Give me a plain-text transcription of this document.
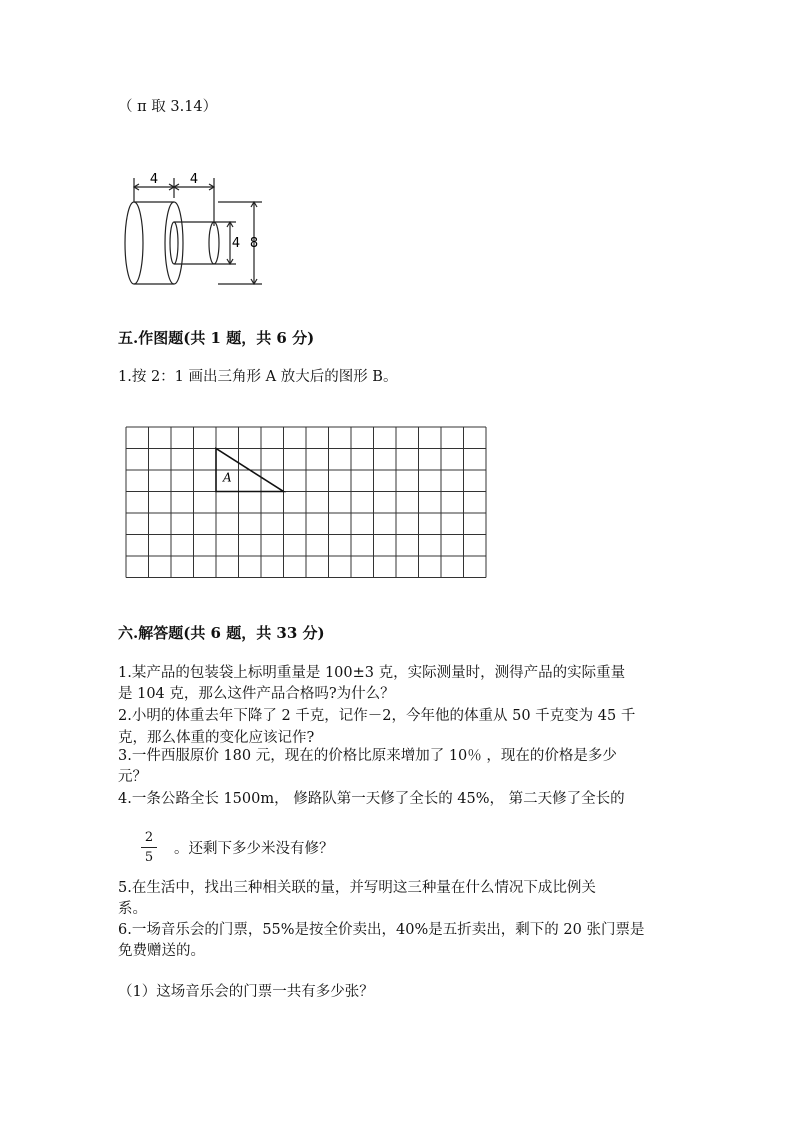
（ π 取 3.14）
4 4
4 8
五.作图题(共 1 题，共 6 分)
1.按 2：1 画出三角形 A 放大后的图形 B。
A
六.解答题(共 6 题，共 33 分)
1.某产品的包装袋上标明重量是 100±3 克，实际测量时，测得产品的实际重量
是 104 克，那么这件产品合格吗?为什么？
2.小明的体重去年下降了 2 千克，记作－2，今年他的体重从 50 千克变为 45 千
克，那么体重的变化应该记作?
3.一件西服原价 180 元，现在的价格比原来增加了 10％ ，现在的价格是多少
元？
4.一条公路全长 1500m， 修路队第一天修了全长的 45%， 第二天修了全长的
2
5
。还剩下多少米没有修？
5.在生活中，找出三种相关联的量，并写明这三种量在什么情况下成比例关
系。
6.一场音乐会的门票，55%是按全价卖出，40%是五折卖出，剩下的 20 张门票是
免费赠送的。
（1）这场音乐会的门票一共有多少张？
